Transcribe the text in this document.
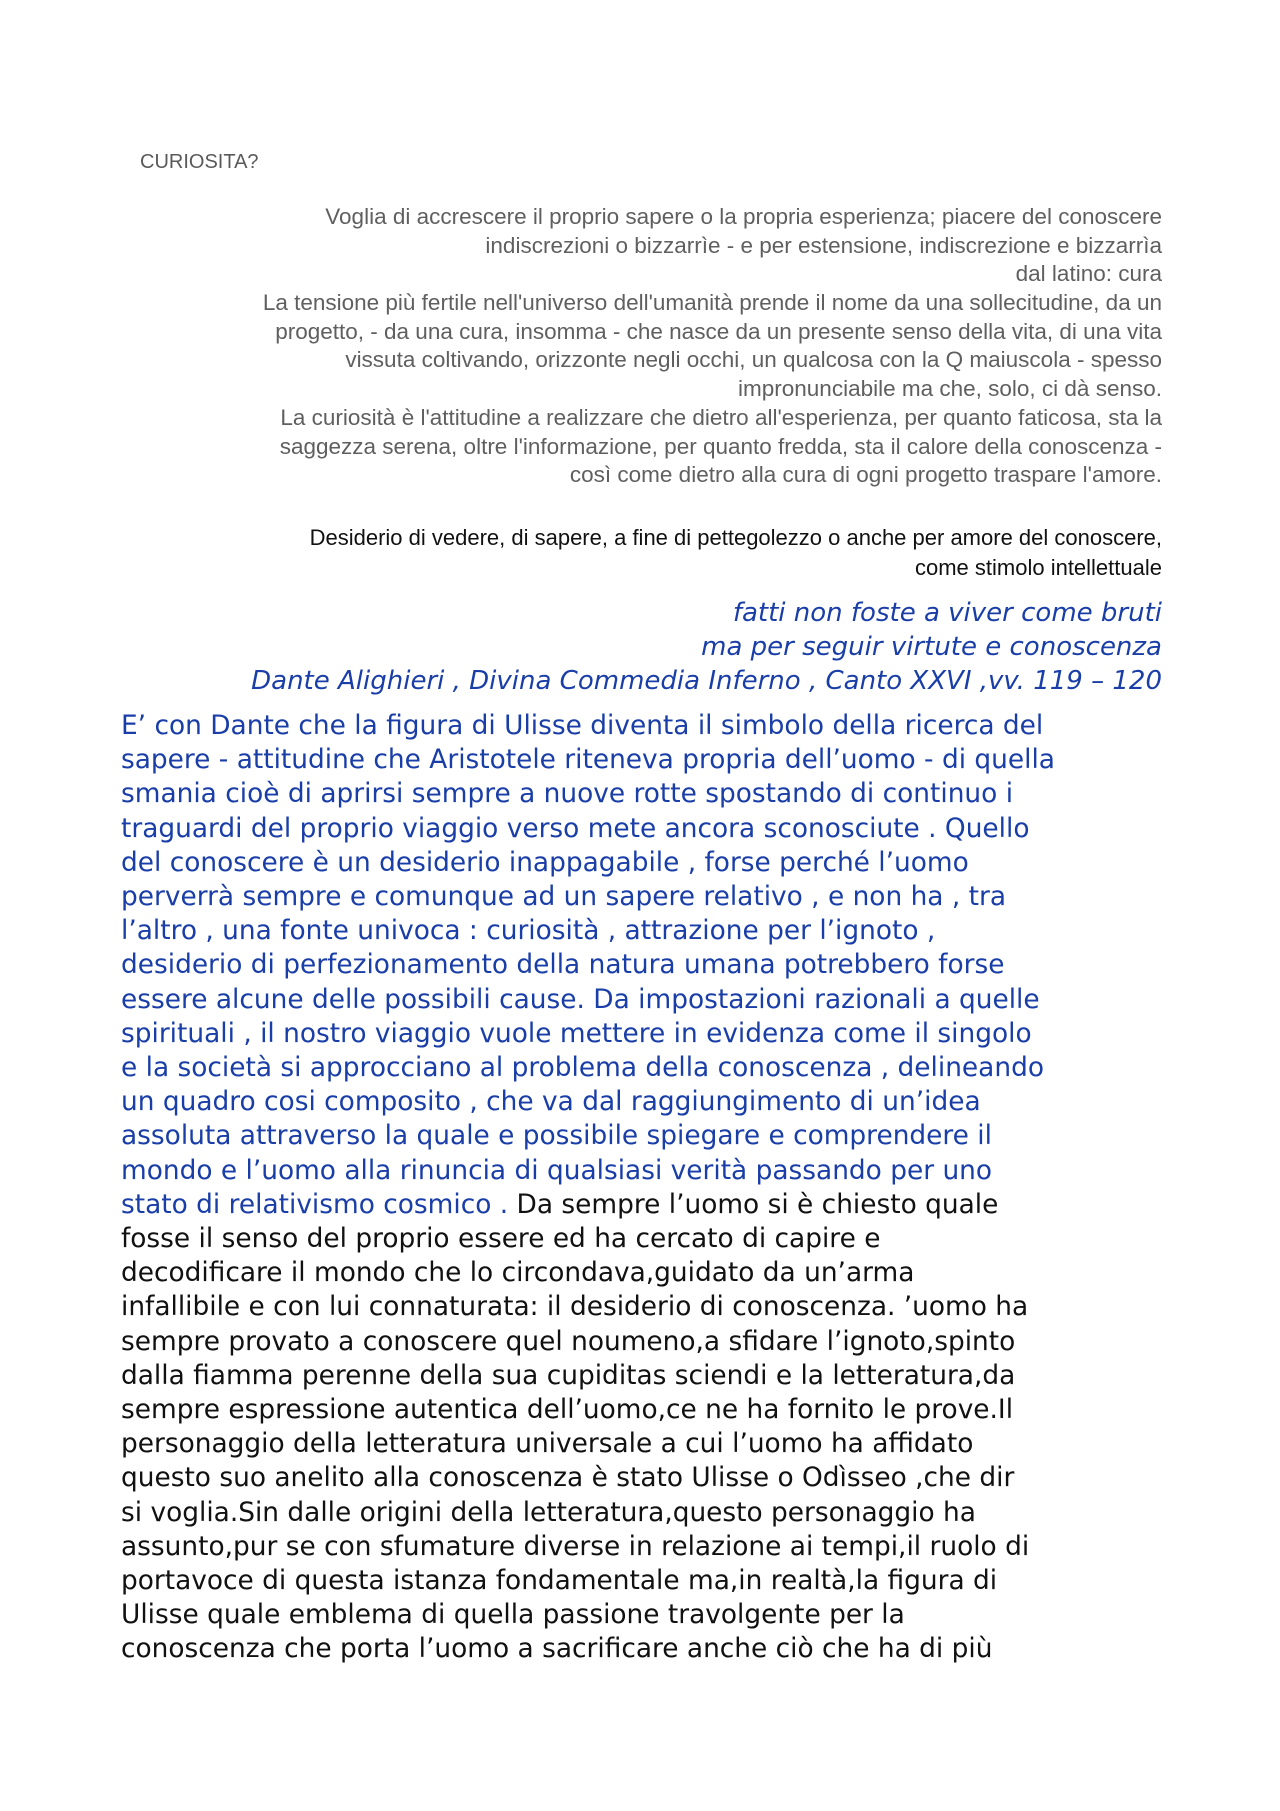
CURIOSITA?

Voglia di accrescere il proprio sapere o la propria esperienza; piacere del conoscere

indiscrezioni o bizzarrìe - e per estensione, indiscrezione e bizzarrìa

dal latino: cura

La tensione più fertile nell'universo dell'umanità prende il nome da una sollecitudine, da un

progetto, - da una cura, insomma - che nasce da un presente senso della vita, di una vita

vissuta coltivando, orizzonte negli occhi, un qualcosa con la Q maiuscola - spesso

impronunciabile ma che, solo, ci dà senso.

La curiosità è l'attitudine a realizzare che dietro all'esperienza, per quanto faticosa, sta la

saggezza serena, oltre l'informazione, per quanto fredda, sta il calore della conoscenza -

così come dietro alla cura di ogni progetto traspare l'amore.

Desiderio di vedere, di sapere, a fine di pettegolezzo o anche per amore del conoscere,
come stimolo intellettuale
fatti non foste a viver come bruti
ma per seguir virtute e conoscenza
Dante Alighieri , Divina Commedia Inferno , Canto XXVI ,vv. 119 – 120
E’ con Dante che la figura di Ulisse diventa il simbolo della ricerca del
sapere - attitudine che Aristotele riteneva propria dell’uomo - di quella
smania cioè di aprirsi sempre a nuove rotte spostando di continuo i
traguardi del proprio viaggio verso mete ancora sconosciute . Quello
del conoscere è un desiderio inappagabile , forse perché l’uomo
perverrà sempre e comunque ad un sapere relativo , e non ha , tra
l’altro , una fonte univoca : curiosità , attrazione per l’ignoto ,
desiderio di perfezionamento della natura umana potrebbero forse
essere alcune delle possibili cause. Da impostazioni razionali a quelle
spirituali , il nostro viaggio vuole mettere in evidenza come il singolo
e la società si approcciano al problema della conoscenza , delineando
un quadro cosi composito , che va dal raggiungimento di un’idea
assoluta attraverso la quale e possibile spiegare e comprendere il
mondo e l’uomo alla rinuncia di qualsiasi verità passando per uno
stato di relativismo cosmico . Da sempre l’uomo si è chiesto quale
fosse il senso del proprio essere ed ha cercato di capire e
decodificare il mondo che lo circondava,guidato da un’arma
infallibile e con lui connaturata: il desiderio di conoscenza. ’uomo ha
sempre provato a conoscere quel noumeno,a sfidare l’ignoto,spinto
dalla fiamma perenne della sua cupiditas sciendi e la letteratura,da
sempre espressione autentica dell’uomo,ce ne ha fornito le prove.Il
personaggio della letteratura universale a cui l’uomo ha affidato
questo suo anelito alla conoscenza è stato Ulisse o Odìsseo ,che dir
si voglia.Sin dalle origini della letteratura,questo personaggio ha
assunto,pur se con sfumature diverse in relazione ai tempi,il ruolo di
portavoce di questa istanza fondamentale ma,in realtà,la figura di
Ulisse quale emblema di quella passione travolgente per la
conoscenza che porta l’uomo a sacrificare anche ciò che ha di più
